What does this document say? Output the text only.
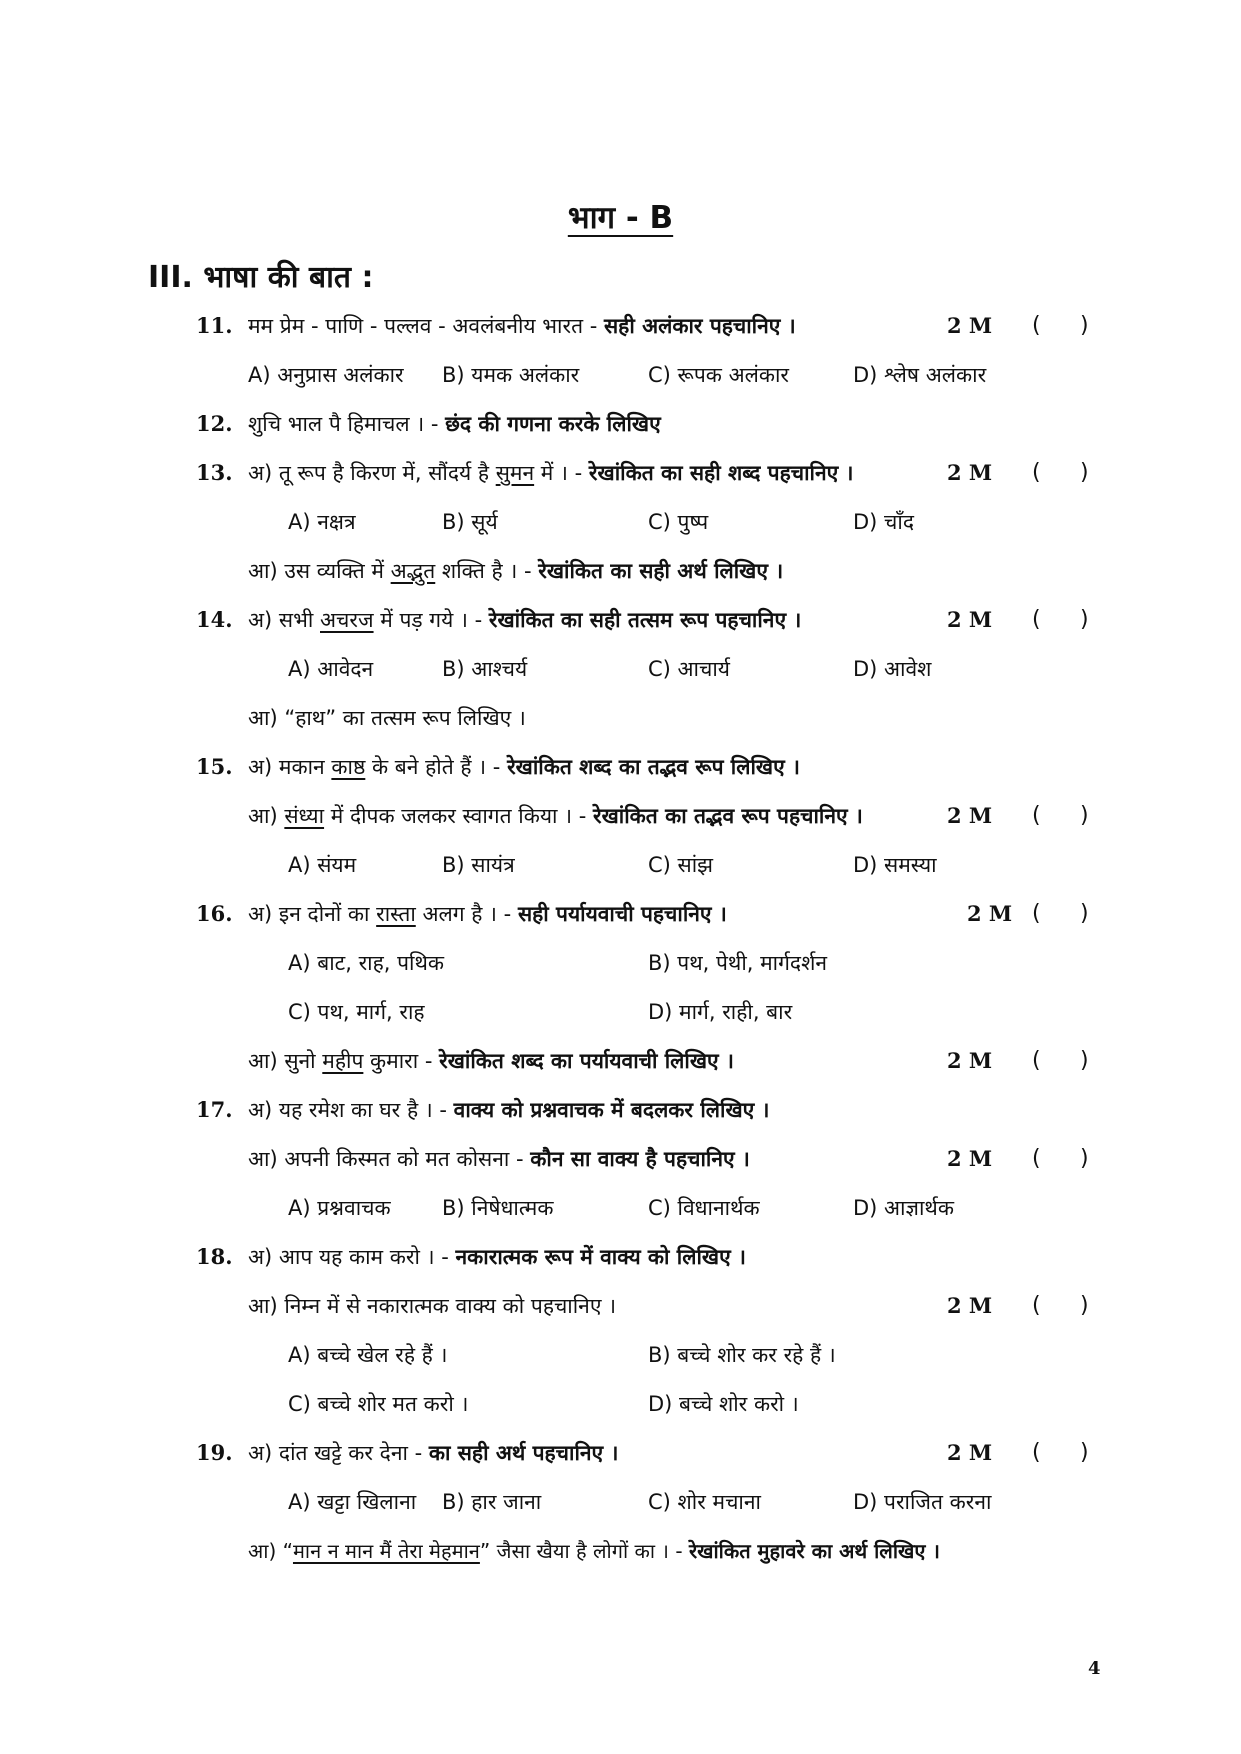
भाग - B
III. भाषा की बात :
11. मम प्रेम - पाणि - पल्लव - अवलंबनीय भारत - सही अलंकार पहचानिए ।	2 M ( )
A) अनुप्रास अलंकार B) यमक अलंकार	C) रूपक अलंकार	D) श्लेष अलंकार
12. शुचि भाल पै हिमाचल । - छंद की गणना करके लिखिए
13. अ) तू रूप है किरण में, सौंदर्य है सुमन में । - रेखांकित का सही शब्द पहचानिए ।	2 M ( )
A) नक्षत्र	B) सूर्य	C) पुष्प	D) चाँद
आ) उस व्यक्ति में अद्भुत शक्ति है । - रेखांकित का सही अर्थ लिखिए ।
14. अ) सभी अचरज में पड़ गये । - रेखांकित का सही तत्सम रूप पहचानिए ।	2 M ( )
A) आवेदन	B) आश्चर्य	C) आचार्य	D) आवेश
आ) “हाथ” का तत्सम रूप लिखिए ।
15. अ) मकान काष्ठ के बने होते हैं । - रेखांकित शब्द का तद्भव रूप लिखिए ।
आ) संध्या में दीपक जलकर स्वागत किया । - रेखांकित का तद्भव रूप पहचानिए ।	2 M ( )
A) संयम	B) सायंत्र	C) सांझ	D) समस्या
16. अ) इन दोनों का रास्ता अलग है । - सही पर्यायवाची पहचानिए ।	2 M ( )
A) बाट, राह, पथिक	B) पथ, पेथी, मार्गदर्शन
C) पथ, मार्ग, राह	D) मार्ग, राही, बार
आ) सुनो महीप कुमारा - रेखांकित शब्द का पर्यायवाची लिखिए ।	2 M ( )
17. अ) यह रमेश का घर है । - वाक्य को प्रश्नवाचक में बदलकर लिखिए ।
आ) अपनी किस्मत को मत कोसना - कौन सा वाक्य है पहचानिए ।	2 M ( )
A) प्रश्नवाचक B) निषेधात्मक	C) विधानार्थक	D) आज्ञार्थक
18. अ) आप यह काम करो । - नकारात्मक रूप में वाक्य को लिखिए ।
आ) निम्न में से नकारात्मक वाक्य को पहचानिए ।	2 M ( )
A) बच्चे खेल रहे हैं ।	B) बच्चे शोर कर रहे हैं ।
C) बच्चे शोर मत करो ।	D) बच्चे शोर करो ।
19. अ) दांत खट्टे कर देना - का सही अर्थ पहचानिए ।	2 M ( )
A) खट्टा खिलाना B) हार जाना	C) शोर मचाना	D) पराजित करना
आ) “मान न मान मैं तेरा मेहमान” जैसा खैया है लोगों का । - रेखांकित मुहावरे का अर्थ लिखिए ।
4
